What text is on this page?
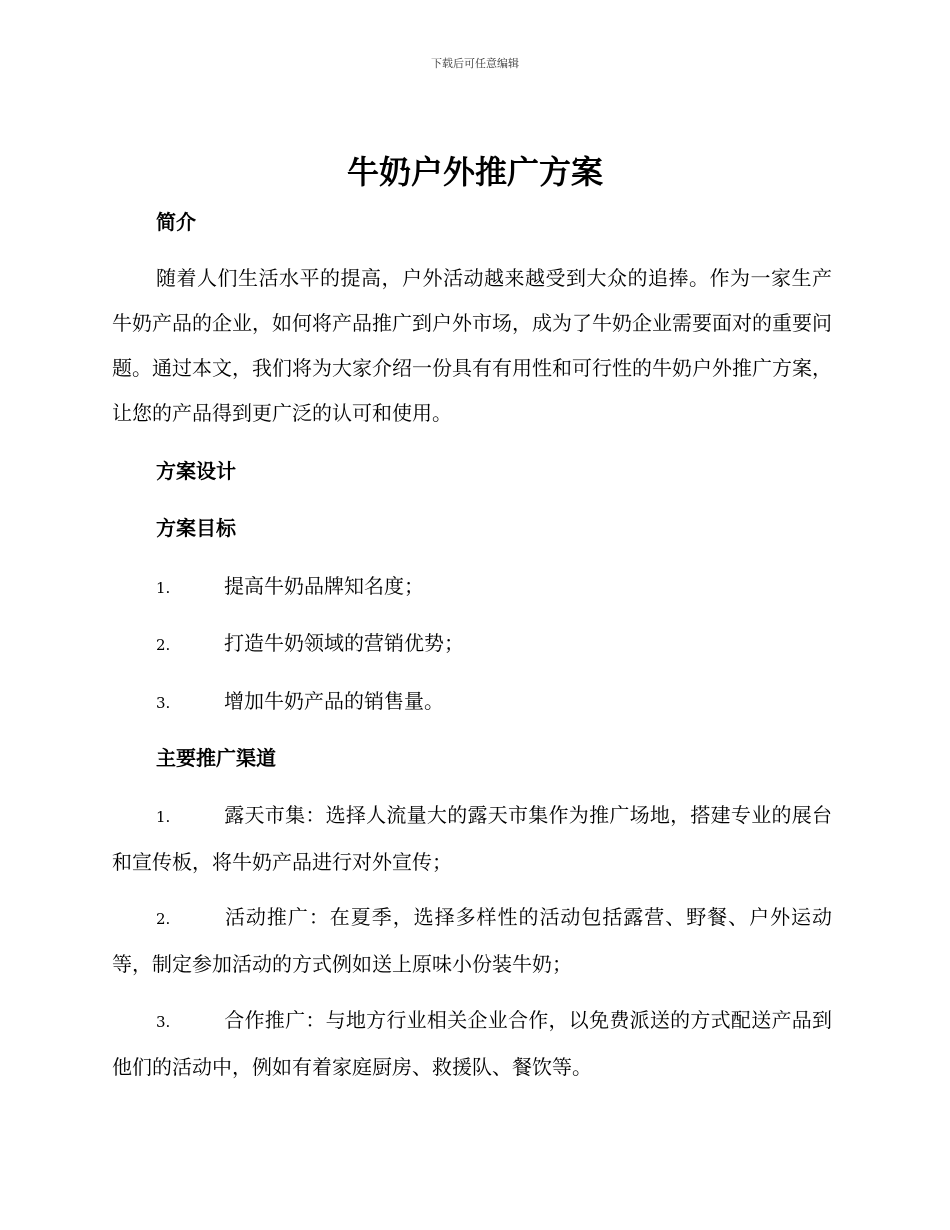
下载后可任意编辑
牛奶户外推广方案
简介

随着人们生活水平的提高，户外活动越来越受到大众的追捧。作为一家生产牛奶产品的企业，如何将产品推广到户外市场，成为了牛奶企业需要面对的重要问题。通过本文，我们将为大家介绍一份具有有用性和可行性的牛奶户外推广方案，让您的产品得到更广泛的认可和使用。

方案设计
方案目标

1.	提高牛奶品牌知名度；

2.	打造牛奶领域的营销优势；

3.	增加牛奶产品的销售量。

主要推广渠道

1.	露天市集：选择人流量大的露天市集作为推广场地，搭建专业的展台和宣传板，将牛奶产品进行对外宣传；

2.	活动推广：在夏季，选择多样性的活动包括露营、野餐、户外运动等，制定参加活动的方式例如送上原味小份装牛奶；

3.	合作推广：与地方行业相关企业合作，以免费派送的方式配送产品到他们的活动中，例如有着家庭厨房、救援队、餐饮等。
